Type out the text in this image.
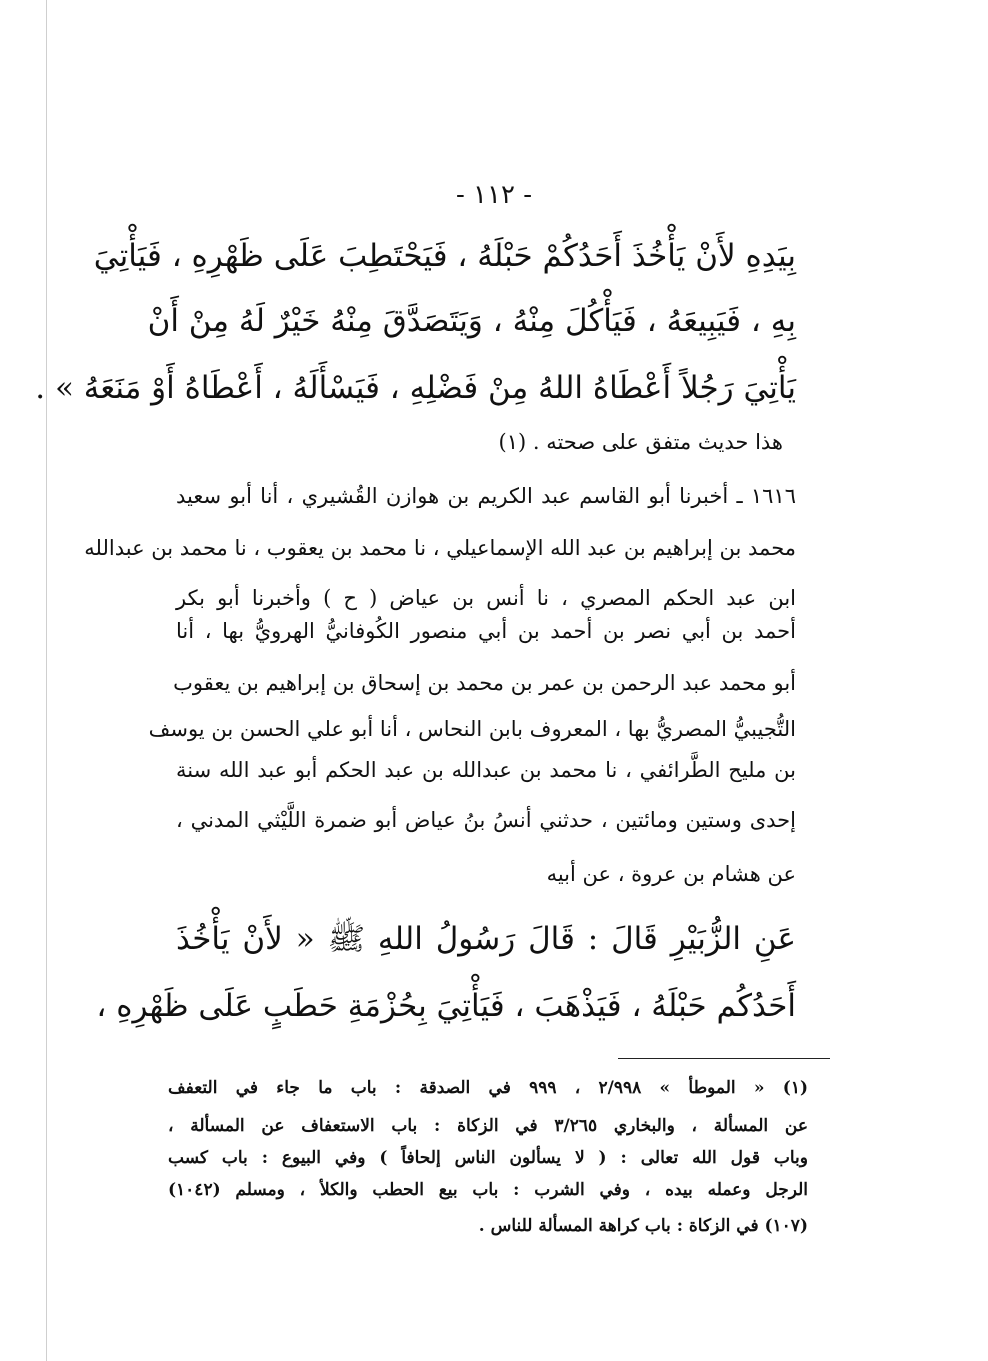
- ١١٢ -
بِيَدِهِ لأَنْ يَأْخُذَ أَحَدُكُمْ حَبْلَهُ ، فَيَحْتَطِبَ عَلَى ظَهْرِهِ ، فَيَأْتِيَ
بِهِ ، فَيَبِيعَهُ ، فَيَأْكُلَ مِنْهُ ، وَيَتَصَدَّقَ مِنْهُ خَيْرٌ لَهُ مِنْ أَنْ
يَأْتِيَ رَجُلاً أَعْطَاهُ اللهُ مِنْ فَضْلِهِ ، فَيَسْأَلَهُ ، أَعْطَاهُ أَوْ مَنَعَهُ » .
هذا حديث متفق على صحته . (١)
١٦١٦ ـ أخبرنا أبو القاسم عبد الكريم بن هوازن القُشيري ، أنا أبو سعيد
محمد بن إبراهيم بن عبد الله الإسماعيلي ، نا محمد بن يعقوب ، نا محمد بن عبدالله
ابن عبد الحكم المصري ، نا أنس بن عياض ( ح ) وأخبرنا أبو بكر
أحمد بن أبي نصر بن أحمد بن أبي منصور الكُوفانيُّ الهرويُّ بها ، أنا
أبو محمد عبد الرحمن بن عمر بن محمد بن إسحاق بن إبراهيم بن يعقوب
التُّجيبيُّ المصريُّ بها ، المعروف بابن النحاس ، أنا أبو علي الحسن بن يوسف
بن مليح الطَّرائفي ، نا محمد بن عبدالله بن عبد الحكم أبو عبد الله سنة
إحدى وستين ومائتين ، حدثني أنسُ بنُ عياض أبو ضمرة اللَّيْثي المدني ،
عن هشام بن عروة ، عن أبيه
عَنِ الزُّبَيْرِ قَالَ : قَالَ رَسُولُ اللهِ ﷺ « لأَنْ يَأْخُذَ
أَحَدُكُم حَبْلَهُ ، فَيَذْهَبَ ، فَيَأْتِيَ بِحُزْمَةِ حَطَبٍ عَلَى ظَهْرِهِ ،
(١) « الموطأ » ٢/٩٩٨ ، ٩٩٩ في الصدقة : باب ما جاء في التعفف
عن المسألة ، والبخاري ٣/٢٦٥ في الزكاة : باب الاستعفاف عن المسألة ،
وباب قول الله تعالى : ( لا يسألون الناس إلحافاً ) وفي البيوع : باب كسب
الرجل وعمله بيده ، وفي الشرب : باب بيع الحطب والكلأ ، ومسلم (١٠٤٢)
(١٠٧) في الزكاة : باب كراهة المسألة للناس .
